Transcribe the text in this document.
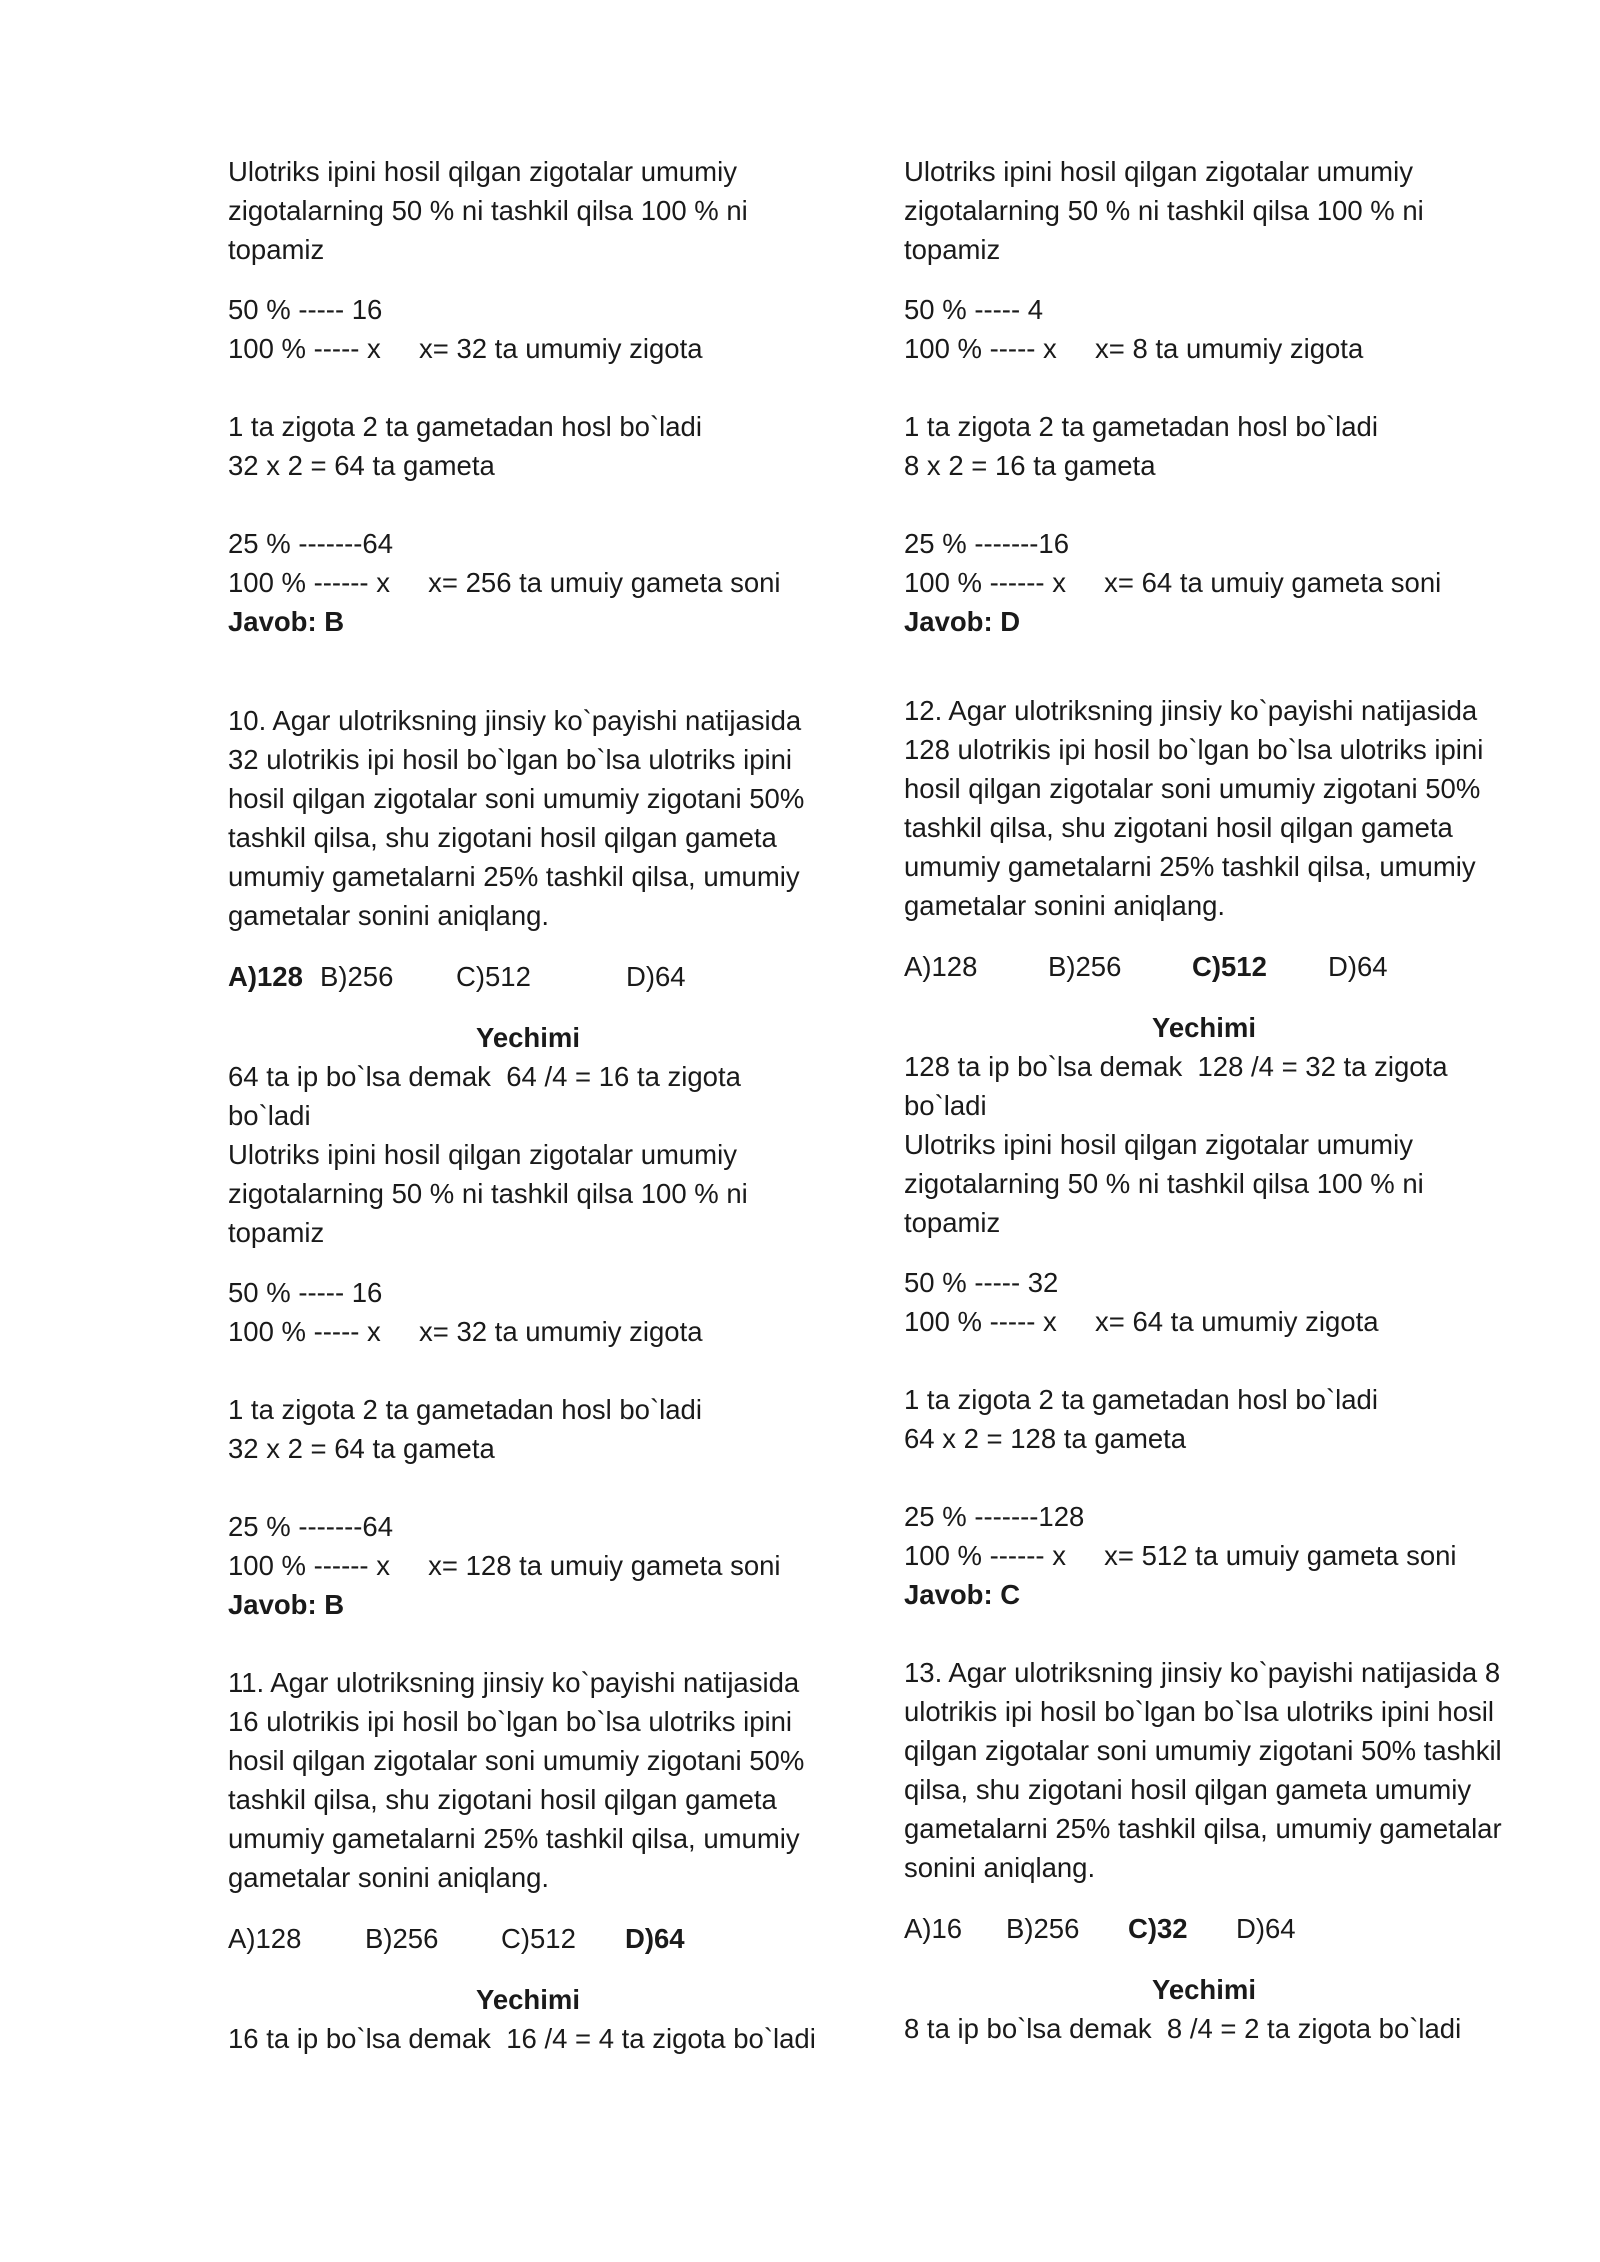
Ulotriks ipini hosil qilgan zigotalar umumiy zigotalarning 50 % ni tashkil qilsa 100 % ni topamiz

50 % ----- 16

100 % ----- x     x= 32 ta umumiy zigota

1 ta zigota 2 ta gametadan hosl bo`ladi

32 x 2 = 64 ta gameta

25 % -------64

100 % ------ x     x= 256 ta umuiy gameta soni

Javob: B

10. Agar ulotriksning jinsiy ko`payishi natijasida 32 ulotrikis ipi hosil bo`lgan bo`lsa ulotriks ipini hosil qilgan zigotalar soni umumiy zigotani 50% tashkil qilsa, shu zigotani hosil qilgan gameta umumiy gametalarni 25% tashkil qilsa, umumiy gametalar sonini aniqlang.

A)128 B)256	C)512	D)64

Yechimi

64 ta ip bo`lsa demak  64 /4 = 16 ta zigota bo`ladi

Ulotriks ipini hosil qilgan zigotalar umumiy zigotalarning 50 % ni tashkil qilsa 100 % ni topamiz

50 % ----- 16

100 % ----- x     x= 32 ta umumiy zigota

1 ta zigota 2 ta gametadan hosl bo`ladi

32 x 2 = 64 ta gameta

25 % -------64

100 % ------ x     x= 128 ta umuiy gameta soni

Javob: B

11. Agar ulotriksning jinsiy ko`payishi natijasida 16 ulotrikis ipi hosil bo`lgan bo`lsa ulotriks ipini hosil qilgan zigotalar soni umumiy zigotani 50% tashkil qilsa, shu zigotani hosil qilgan gameta umumiy gametalarni 25% tashkil qilsa, umumiy gametalar sonini aniqlang.

A)128	B)256	C)512	D)64

Yechimi

16 ta ip bo`lsa demak  16 /4 = 4 ta zigota bo`ladi

Ulotriks ipini hosil qilgan zigotalar umumiy zigotalarning 50 % ni tashkil qilsa 100 % ni topamiz

50 % ----- 4

100 % ----- x     x= 8 ta umumiy zigota

1 ta zigota 2 ta gametadan hosl bo`ladi

8 x 2 = 16 ta gameta

25 % -------16

100 % ------ x     x= 64 ta umuiy gameta soni

Javob: D

12. Agar ulotriksning jinsiy ko`payishi natijasida 128 ulotrikis ipi hosil bo`lgan bo`lsa ulotriks ipini hosil qilgan zigotalar soni umumiy zigotani 50% tashkil qilsa, shu zigotani hosil qilgan gameta umumiy gametalarni 25% tashkil qilsa, umumiy gametalar sonini aniqlang.

A)128	B)256	C)512	D)64

Yechimi

128 ta ip bo`lsa demak  128 /4 = 32 ta zigota bo`ladi

Ulotriks ipini hosil qilgan zigotalar umumiy zigotalarning 50 % ni tashkil qilsa 100 % ni topamiz

50 % ----- 32

100 % ----- x     x= 64 ta umumiy zigota

1 ta zigota 2 ta gametadan hosl bo`ladi

64 x 2 = 128 ta gameta

25 % -------128

100 % ------ x     x= 512 ta umuiy gameta soni

Javob: C

13. Agar ulotriksning jinsiy ko`payishi natijasida 8 ulotrikis ipi hosil bo`lgan bo`lsa ulotriks ipini hosil qilgan zigotalar soni umumiy zigotani 50% tashkil qilsa, shu zigotani hosil qilgan gameta umumiy gametalarni 25% tashkil qilsa, umumiy gametalar sonini aniqlang.

A)16	B)256	C)32	D)64

Yechimi

8 ta ip bo`lsa demak  8 /4 = 2 ta zigota bo`ladi
